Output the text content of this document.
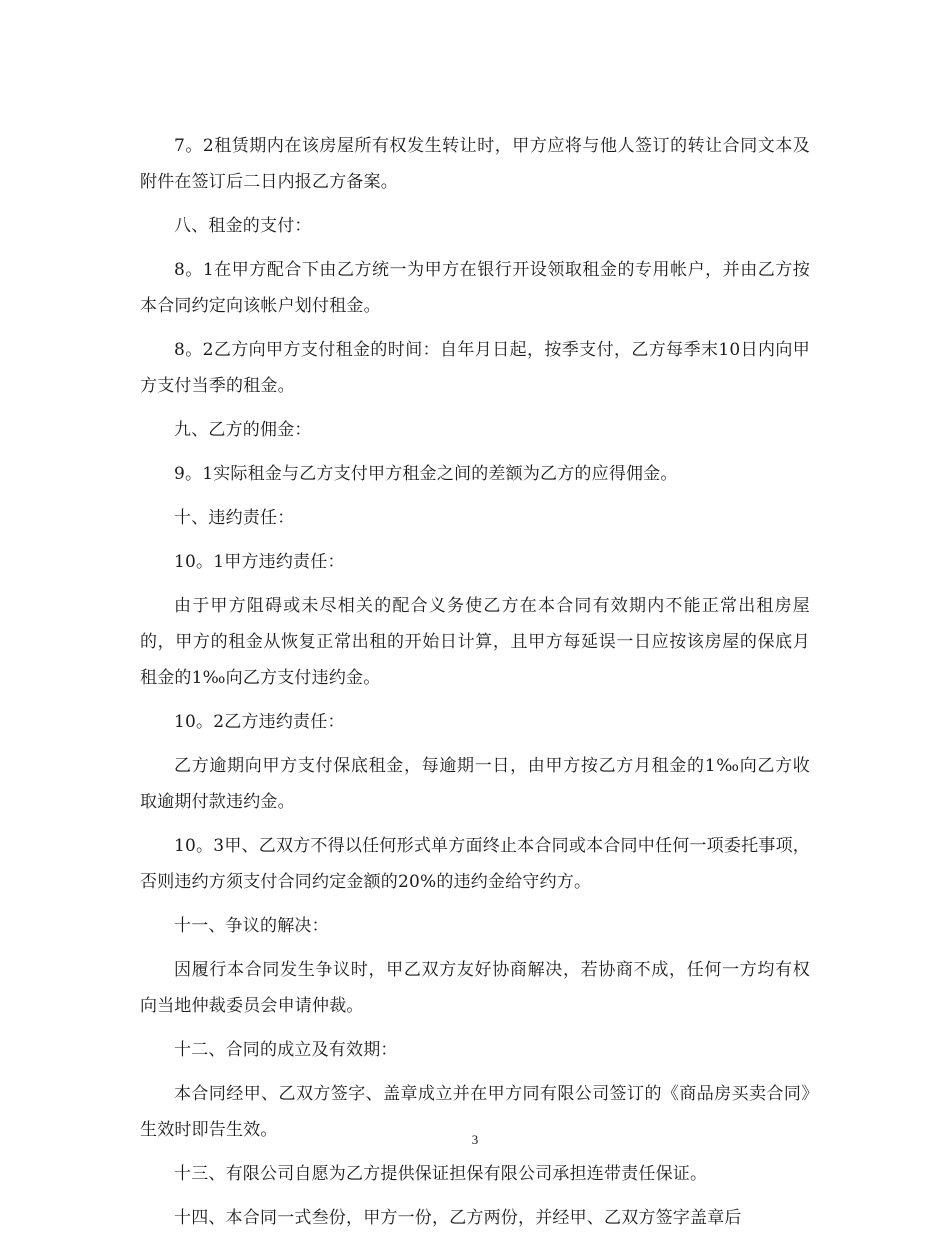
7。2租赁期内在该房屋所有权发生转让时，甲方应将与他人签订的转让合同文本及附件在签订后二日内报乙方备案。

八、租金的支付：

8。1在甲方配合下由乙方统一为甲方在银行开设领取租金的专用帐户，并由乙方按本合同约定向该帐户划付租金。

8。2乙方向甲方支付租金的时间：自年月日起，按季支付，乙方每季末10日内向甲方支付当季的租金。

九、乙方的佣金：

9。1实际租金与乙方支付甲方租金之间的差额为乙方的应得佣金。

十、违约责任：

10。1甲方违约责任：

由于甲方阻碍或未尽相关的配合义务使乙方在本合同有效期内不能正常出租房屋的，甲方的租金从恢复正常出租的开始日计算，且甲方每延误一日应按该房屋的保底月租金的1‰向乙方支付违约金。

10。2乙方违约责任：

乙方逾期向甲方支付保底租金，每逾期一日，由甲方按乙方月租金的1‰向乙方收取逾期付款违约金。

10。3甲、乙双方不得以任何形式单方面终止本合同或本合同中任何一项委托事项，否则违约方须支付合同约定金额的20%的违约金给守约方。

十一、争议的解决：

因履行本合同发生争议时，甲乙双方友好协商解决，若协商不成，任何一方均有权向当地仲裁委员会申请仲裁。

十二、合同的成立及有效期：

本合同经甲、乙双方签字、盖章成立并在甲方同有限公司签订的《商品房买卖合同》生效时即告生效。

十三、有限公司自愿为乙方提供保证担保有限公司承担连带责任保证。

十四、本合同一式叁份，甲方一份，乙方两份，并经甲、乙双方签字盖章后

3
